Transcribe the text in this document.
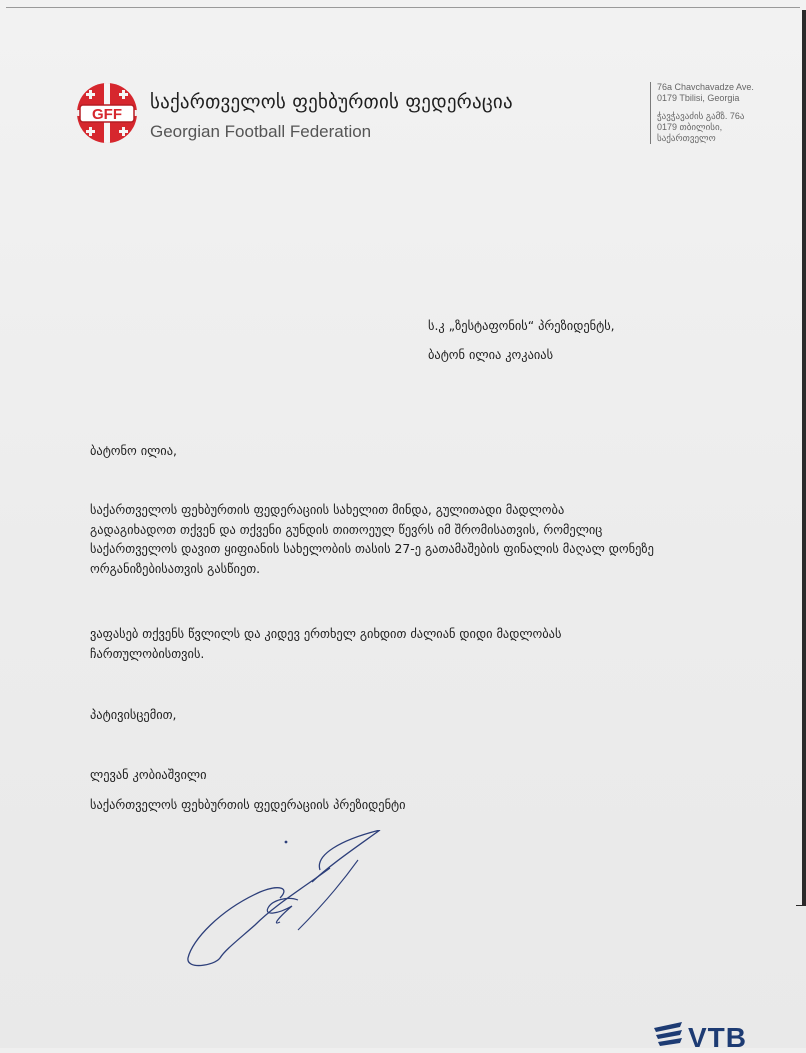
GFF
საქართველოს ფეხბურთის ფედერაცია
Georgian Football Federation
76a Chavchavadze Ave.
0179 Tbilisi, Georgia
ჭავჭავაძის გამზ. 76ა
0179 თბილისი,
საქართველო
ს.კ „ზესტაფონის“ პრეზიდენტს,
ბატონ ილია კოკაიას
ბატონო ილია,
საქართველოს ფეხბურთის ფედერაციის სახელით მინდა, გულითადი მადლობა
გადაგიხადოთ თქვენ და თქვენი გუნდის თითოეულ წევრს იმ შრომისათვის, რომელიც
საქართველოს დავით ყიფიანის სახელობის თასის 27-ე გათამაშების ფინალის მაღალ დონეზე
ორგანიზებისათვის გასწიეთ.
ვაფასებ თქვენს წვლილს და კიდევ ერთხელ გიხდით ძალიან დიდი მადლობას
ჩართულობისთვის.
პატივისცემით,
ლევან კობიაშვილი
საქართველოს ფეხბურთის ფედერაციის პრეზიდენტი
VTB
